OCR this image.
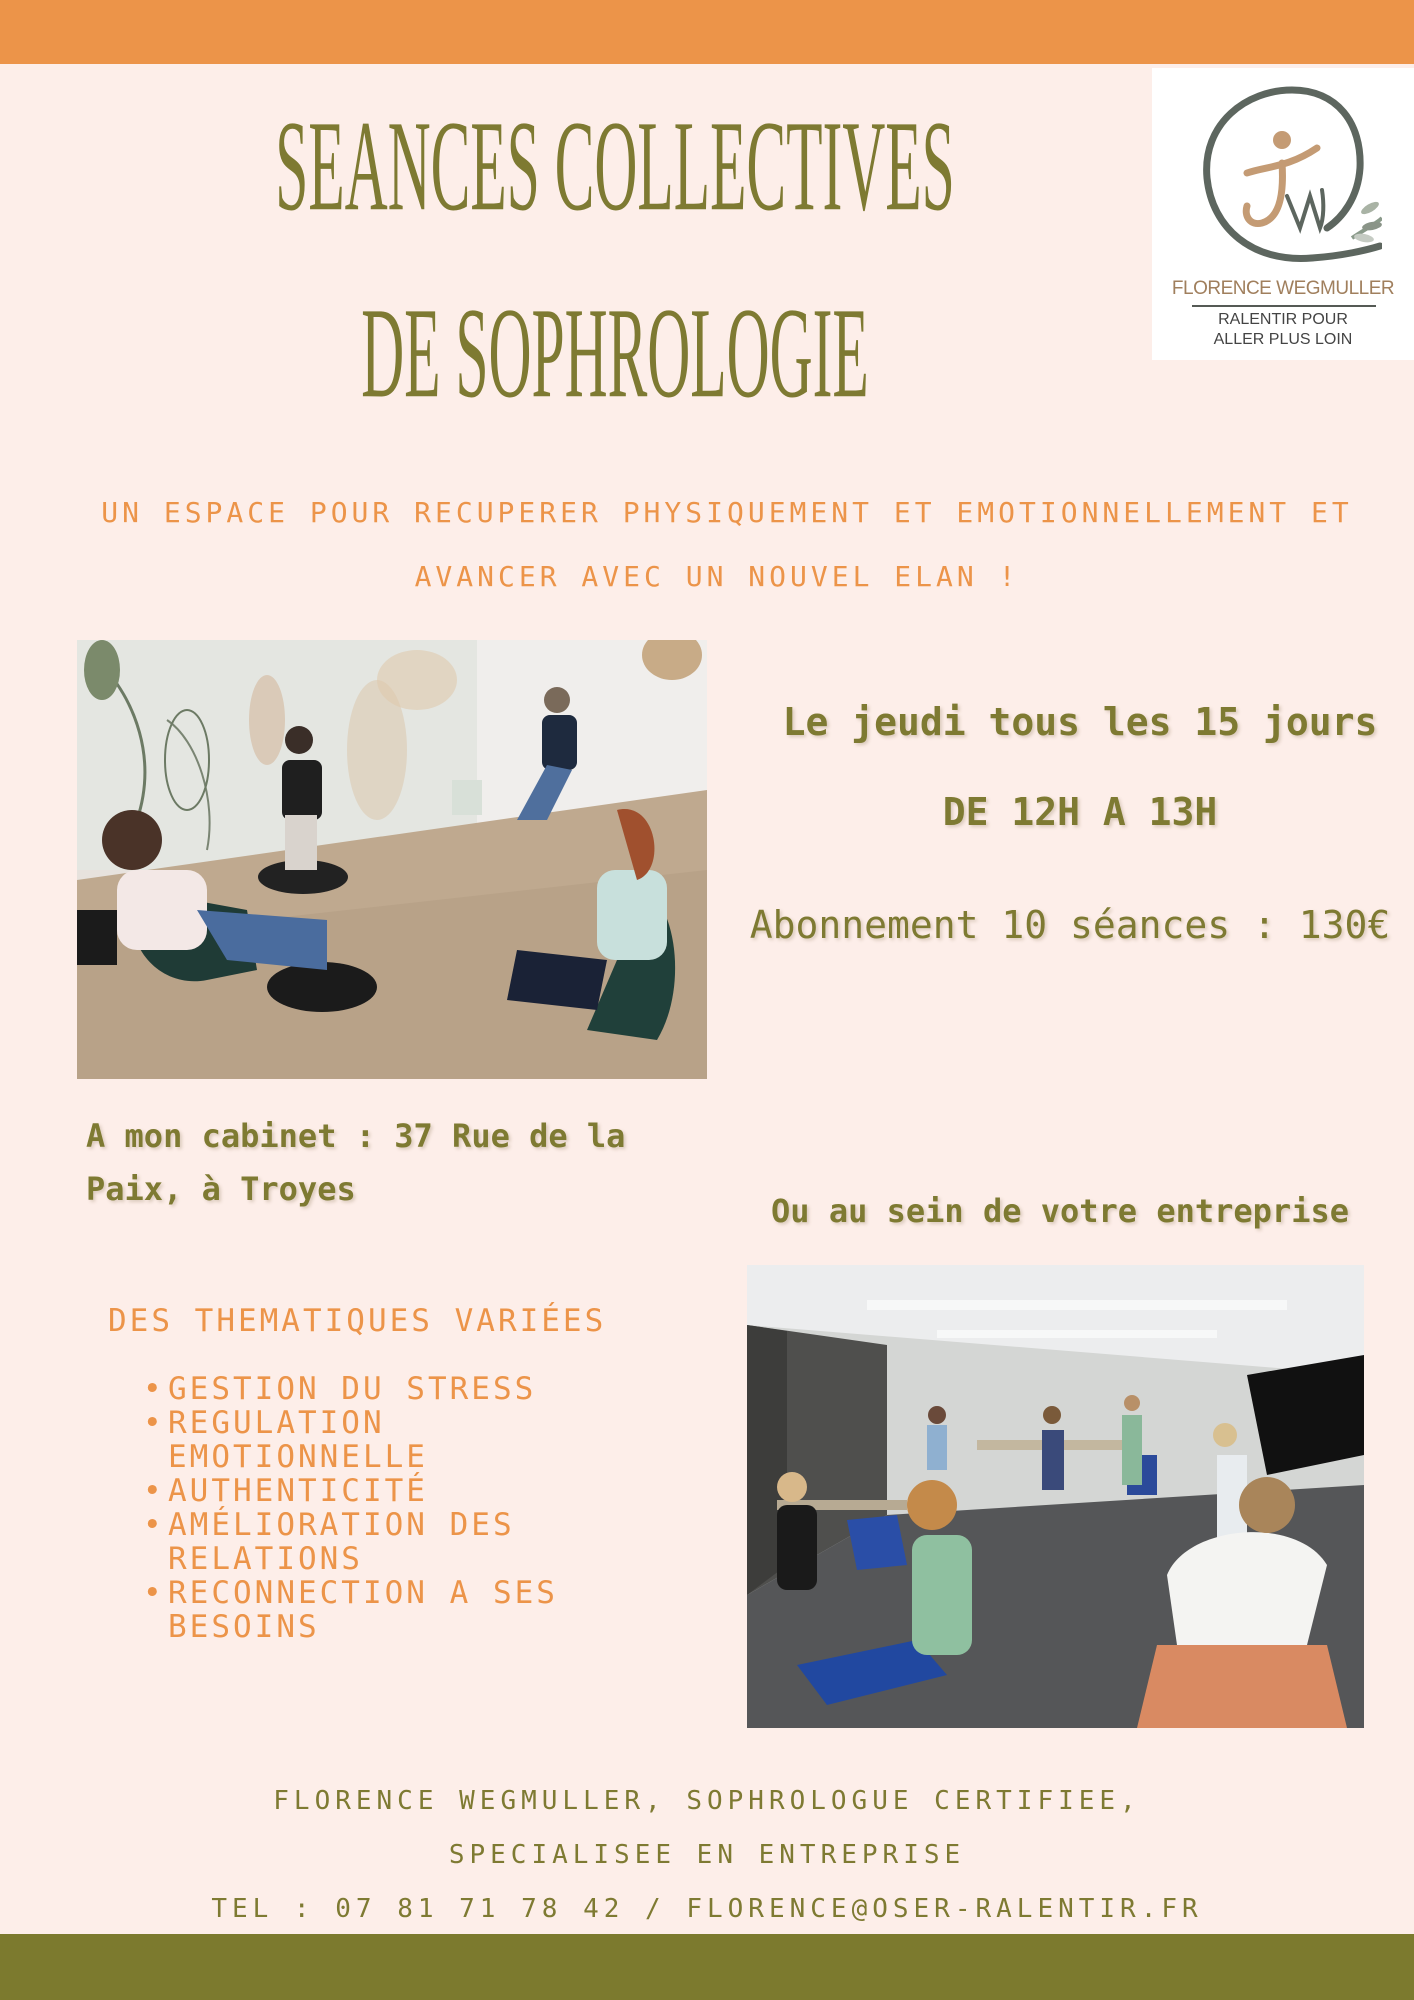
FLORENCE WEGMULLER
RALENTIR POUR
ALLER PLUS LOIN
SEANCES COLLECTIVES
DE SOPHROLOGIE
UN ESPACE POUR RECUPERER PHYSIQUEMENT ET EMOTIONNELLEMENT ET
AVANCER AVEC UN NOUVEL ELAN !
Le jeudi tous les 15 jours
DE 12H A 13H
Abonnement 10 séances : 130€
A mon cabinet : 37 Rue de la Paix, à Troyes
Ou au sein de votre entreprise
DES THEMATIQUES VARIÉES
• GESTION DU STRESS
• REGULATION EMOTIONNELLE
• AUTHENTICITÉ
• AMÉLIORATION DES RELATIONS
• RECONNECTION A SES BESOINS
FLORENCE WEGMULLER, SOPHROLOGUE CERTIFIEE,
SPECIALISEE EN ENTREPRISE
TEL : 07 81 71 78 42 / FLORENCE@OSER-RALENTIR.FR
